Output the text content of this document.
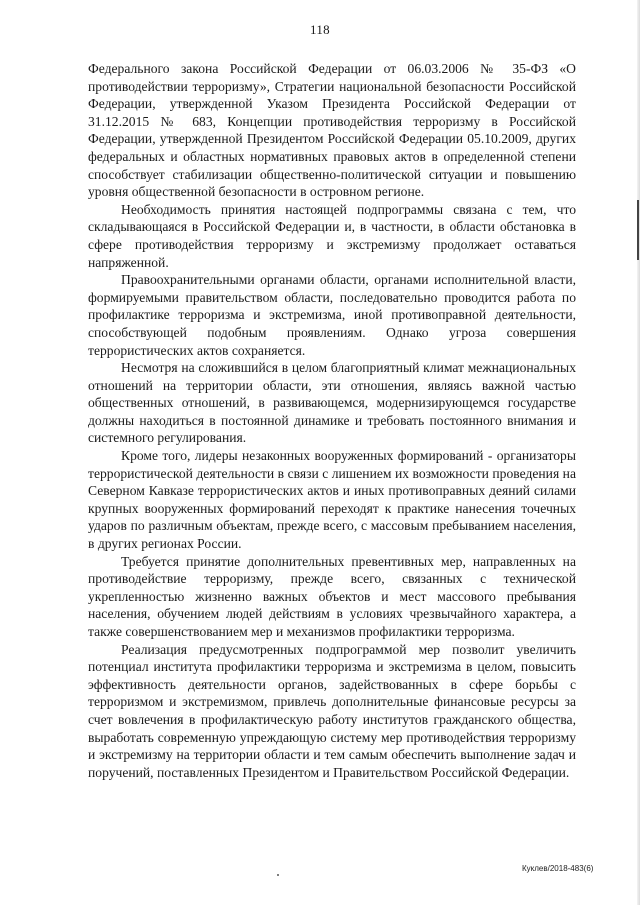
118

Федерального закона Российской Федерации от 06.03.2006 № 35-ФЗ «О противодействии терроризму», Стратегии национальной безопасности Российской Федерации, утвержденной Указом Президента Российской Федерации от 31.12.2015 № 683, Концепции противодействия терроризму в Российской Федерации, утвержденной Президентом Российской Федерации 05.10.2009, других федеральных и областных нормативных правовых актов в определенной степени способствует стабилизации общественно-политической ситуации и повышению уровня общественной безопасности в островном регионе.

Необходимость принятия настоящей подпрограммы связана с тем, что складывающаяся в Российской Федерации и, в частности, в области обстановка в сфере противодействия терроризму и экстремизму продолжает оставаться напряженной.

Правоохранительными органами области, органами исполнительной власти, формируемыми правительством области, последовательно проводится работа по профилактике терроризма и экстремизма, иной противоправной деятельности, способствующей подобным проявлениям. Однако угроза совершения террористических актов сохраняется.

Несмотря на сложившийся в целом благоприятный климат межнациональных отношений на территории области, эти отношения, являясь важной частью общественных отношений, в развивающемся, модернизирующемся государстве должны находиться в постоянной динамике и требовать постоянного внимания и системного регулирования.

Кроме того, лидеры незаконных вооруженных формирований - организаторы террористической деятельности в связи с лишением их возможности проведения на Северном Кавказе террористических актов и иных противоправных деяний силами крупных вооруженных формирований переходят к практике нанесения точечных ударов по различным объектам, прежде всего, с массовым пребыванием населения, в других регионах России.

Требуется принятие дополнительных превентивных мер, направленных на противодействие терроризму, прежде всего, связанных с технической укрепленностью жизненно важных объектов и мест массового пребывания населения, обучением людей действиям в условиях чрезвычайного характера, а также совершенствованием мер и механизмов профилактики терроризма.

Реализация предусмотренных подпрограммой мер позволит увеличить потенциал института профилактики терроризма и экстремизма в целом, повысить эффективность деятельности органов, задействованных в сфере борьбы с терроризмом и экстремизмом, привлечь дополнительные финансовые ресурсы за счет вовлечения в профилактическую работу институтов гражданского общества, выработать современную упреждающую систему мер противодействия терроризму и экстремизму на территории области и тем самым обеспечить выполнение задач и поручений, поставленных Президентом и Правительством Российской Федерации.

Куклев/2018-483(6)
